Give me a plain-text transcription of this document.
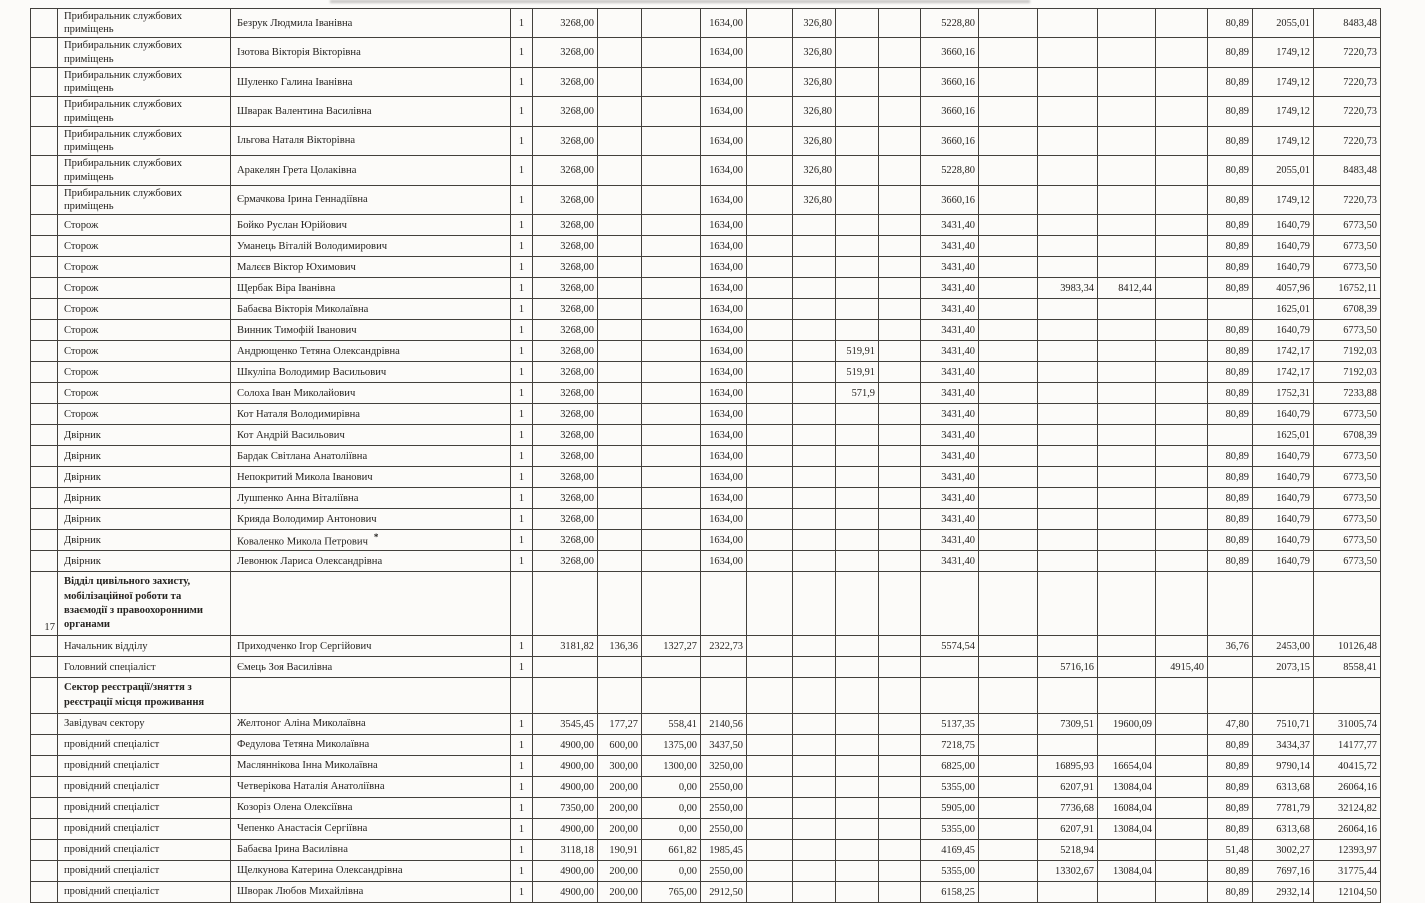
	Прибиральник службових приміщень	Безрук Людмила Іванівна	1	3268,00			1634,00		326,80			5228,80					80,89	2055,01	8483,48
	Прибиральник службових приміщень	Ізотова Вікторія Вікторівна	1	3268,00			1634,00		326,80			3660,16					80,89	1749,12	7220,73
	Прибиральник службових приміщень	Шуленко Галина Іванівна	1	3268,00			1634,00		326,80			3660,16					80,89	1749,12	7220,73
	Прибиральник службових приміщень	Шварак Валентина Василівна	1	3268,00			1634,00		326,80			3660,16					80,89	1749,12	7220,73
	Прибиральник службових приміщень	Ільгова Наталя Вікторівна	1	3268,00			1634,00		326,80			3660,16					80,89	1749,12	7220,73
	Прибиральник службових приміщень	Аракелян Грета Цолаківна	1	3268,00			1634,00		326,80			5228,80					80,89	2055,01	8483,48
	Прибиральник службових приміщень	Єрмачкова Ірина Геннадіївна	1	3268,00			1634,00		326,80			3660,16					80,89	1749,12	7220,73
	Сторож	Бойко Руслан Юрійович	1	3268,00			1634,00					3431,40					80,89	1640,79	6773,50
	Сторож	Уманець Віталій Володимирович	1	3268,00			1634,00					3431,40					80,89	1640,79	6773,50
	Сторож	Малєєв Віктор Юхимович	1	3268,00			1634,00					3431,40					80,89	1640,79	6773,50
	Сторож	Щербак Віра Іванівна	1	3268,00			1634,00					3431,40		3983,34	8412,44		80,89	4057,96	16752,11
	Сторож	Бабаєва Вікторія Миколаївна	1	3268,00			1634,00					3431,40						1625,01	6708,39
	Сторож	Винник Тимофій Іванович	1	3268,00			1634,00					3431,40					80,89	1640,79	6773,50
	Сторож	Андрющенко Тетяна Олександрівна	1	3268,00			1634,00			519,91		3431,40					80,89	1742,17	7192,03
	Сторож	Шкуліпа Володимир Васильович	1	3268,00			1634,00			519,91		3431,40					80,89	1742,17	7192,03
	Сторож	Солоха Іван Миколайович	1	3268,00			1634,00			571,9		3431,40					80,89	1752,31	7233,88
	Сторож	Кот Наталя Володимирівна	1	3268,00			1634,00					3431,40					80,89	1640,79	6773,50
	Двірник	Кот Андрій Васильович	1	3268,00			1634,00					3431,40						1625,01	6708,39
	Двірник	Бардак Світлана Анатоліївна	1	3268,00			1634,00					3431,40					80,89	1640,79	6773,50
	Двірник	Непокритий Микола Іванович	1	3268,00			1634,00					3431,40					80,89	1640,79	6773,50
	Двірник	Лушпенко Анна Віталіївна	1	3268,00			1634,00					3431,40					80,89	1640,79	6773,50
	Двірник	Крияда Володимир Антонович	1	3268,00			1634,00					3431,40					80,89	1640,79	6773,50
	Двірник	Коваленко Микола Петрович *	1	3268,00			1634,00					3431,40					80,89	1640,79	6773,50
	Двірник	Левонюк Лариса Олександрівна	1	3268,00			1634,00					3431,40					80,89	1640,79	6773,50
17	Відділ цивільного захисту, мобілізаційної роботи та взаємодії з правоохоронними органами																		
	Начальник відділу	Приходченко Ігор Сергійович	1	3181,82	136,36	1327,27	2322,73					5574,54					36,76	2453,00	10126,48
	Головний спеціаліст	Ємець Зоя Василівна	1											5716,16		4915,40		2073,15	8558,41
	Сектор реєстрації/зняття з реєстрації місця проживання																		
	Завідувач сектору	Желтоног Аліна Миколаївна	1	3545,45	177,27	558,41	2140,56					5137,35		7309,51	19600,09		47,80	7510,71	31005,74
	провідний спеціаліст	Федулова Тетяна Миколаївна	1	4900,00	600,00	1375,00	3437,50					7218,75					80,89	3434,37	14177,77
	провідний спеціаліст	Масляннікова Інна Миколаївна	1	4900,00	300,00	1300,00	3250,00					6825,00		16895,93	16654,04		80,89	9790,14	40415,72
	провідний спеціаліст	Четверікова Наталія Анатоліївна	1	4900,00	200,00	0,00	2550,00					5355,00		6207,91	13084,04		80,89	6313,68	26064,16
	провідний спеціаліст	Козоріз Олена Олексіївна	1	7350,00	200,00	0,00	2550,00					5905,00		7736,68	16084,04		80,89	7781,79	32124,82
	провідний спеціаліст	Чепенко Анастасія Сергіївна	1	4900,00	200,00	0,00	2550,00					5355,00		6207,91	13084,04		80,89	6313,68	26064,16
	провідний спеціаліст	Бабаєва Ірина Василівна	1	3118,18	190,91	661,82	1985,45					4169,45		5218,94			51,48	3002,27	12393,97
	провідний спеціаліст	Щелкунова Катерина Олександрівна	1	4900,00	200,00	0,00	2550,00					5355,00		13302,67	13084,04		80,89	7697,16	31775,44
	провідний спеціаліст	Шворак Любов Михайлівна	1	4900,00	200,00	765,00	2912,50					6158,25					80,89	2932,14	12104,50
